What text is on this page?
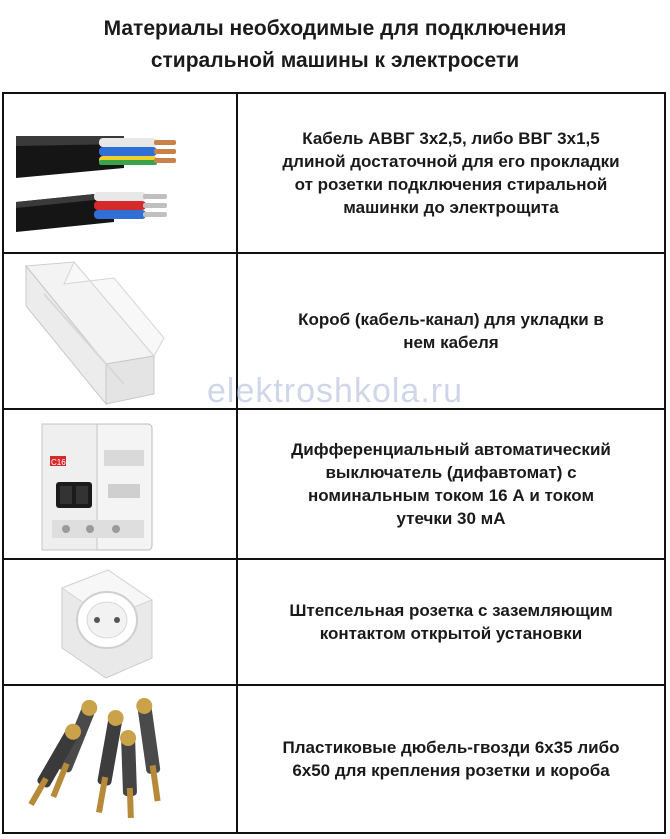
Материалы необходимые для подключения
стиральной машины к электросети
Кабель АВВГ 3х2,5, либо ВВГ 3х1,5
длиной достаточной для его прокладки
от розетки подключения стиральной
машинки до электрощита
Короб (кабель-канал) для укладки в
нем кабеля
C16
Дифференциальный автоматический
выключатель (дифавтомат) с
номинальным током 16 А и током
утечки 30 мА
Штепсельная розетка с заземляющим
контактом открытой установки
Пластиковые дюбель-гвозди 6х35 либо
6х50 для крепления розетки и короба
elektroshkola.ru
